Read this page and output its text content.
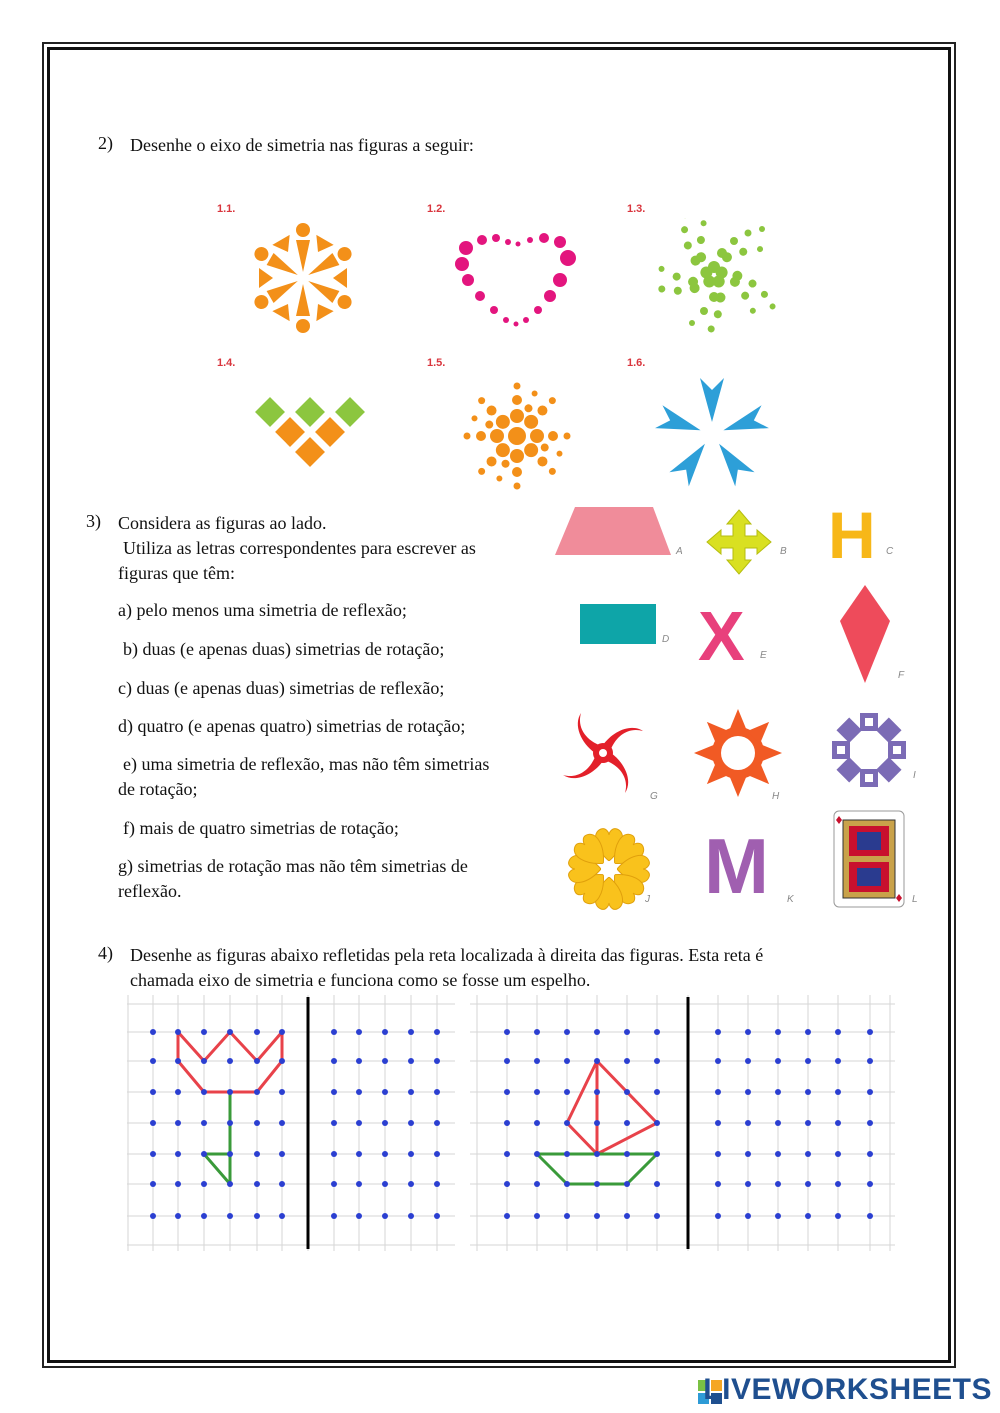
2) Desenhe o eixo de simetria nas figuras a seguir:
1.1.	1.2.	1.3.
1.4.	1.5.	1.6.
3) Considera as figuras ao lado.
Utiliza as letras correspondentes para escrever as
figuras que têm:
a) pelo menos uma simetria de reflexão;
b) duas (e apenas duas) simetrias de rotação;
c) duas (e apenas duas) simetrias de reflexão;
d) quatro (e apenas quatro) simetrias de rotação;
e) uma simetria de reflexão, mas não têm simetrias
de rotação;
f) mais de quatro simetrias de rotação;
g) simetrias de rotação mas não têm simetrias de
reflexão.
A	B H C
D X E
F
G	H
I
J M K	L
4) Desenhe as figuras abaixo refletidas pela reta localizada à direita das figuras. Esta reta é
chamada eixo de simetria e funciona como se fosse um espelho.
LIVEWORKSHEETS
